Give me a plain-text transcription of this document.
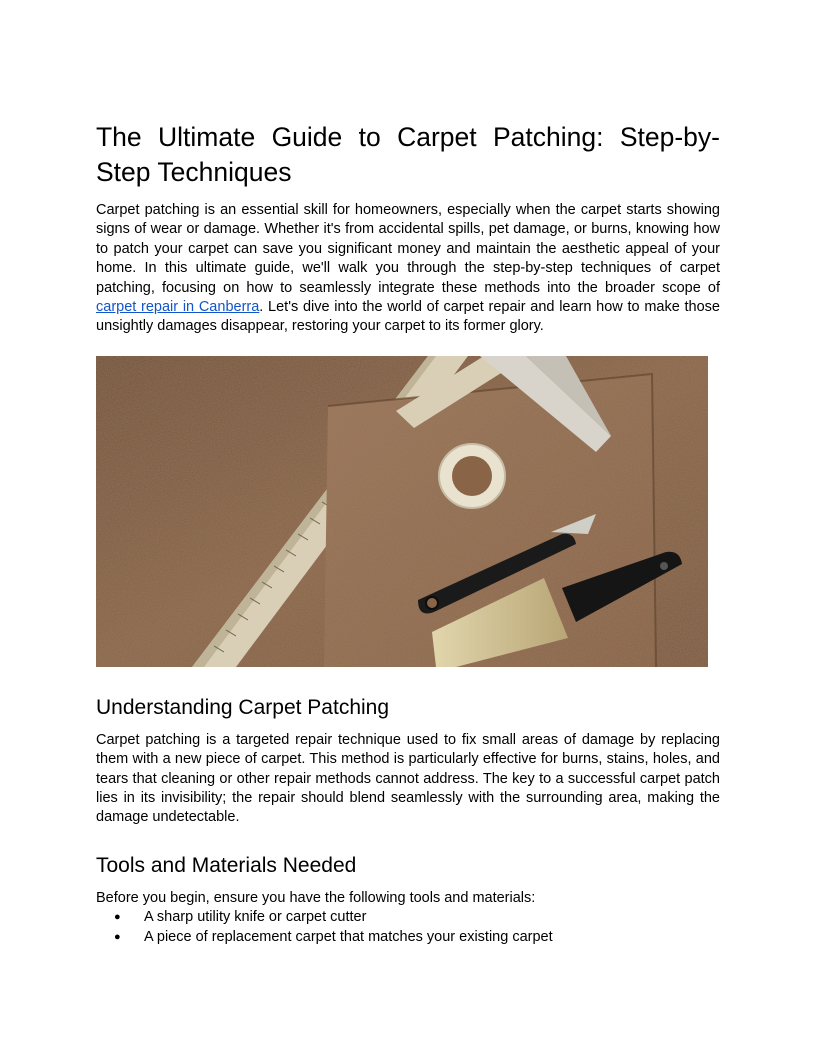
The Ultimate Guide to Carpet Patching: Step-by-Step Techniques

Carpet patching is an essential skill for homeowners, especially when the carpet starts showing signs of wear or damage. Whether it's from accidental spills, pet damage, or burns, knowing how to patch your carpet can save you significant money and maintain the aesthetic appeal of your home. In this ultimate guide, we'll walk you through the step-by-step techniques of carpet patching, focusing on how to seamlessly integrate these methods into the broader scope of carpet repair in Canberra. Let's dive into the world of carpet repair and learn how to make those unsightly damages disappear, restoring your carpet to its former glory.

Understanding Carpet Patching

Carpet patching is a targeted repair technique used to fix small areas of damage by replacing them with a new piece of carpet. This method is particularly effective for burns, stains, holes, and tears that cleaning or other repair methods cannot address. The key to a successful carpet patch lies in its invisibility; the repair should blend seamlessly with the surrounding area, making the damage undetectable.

Tools and Materials Needed

Before you begin, ensure you have the following tools and materials:

● A sharp utility knife or carpet cutter
● A piece of replacement carpet that matches your existing carpet
